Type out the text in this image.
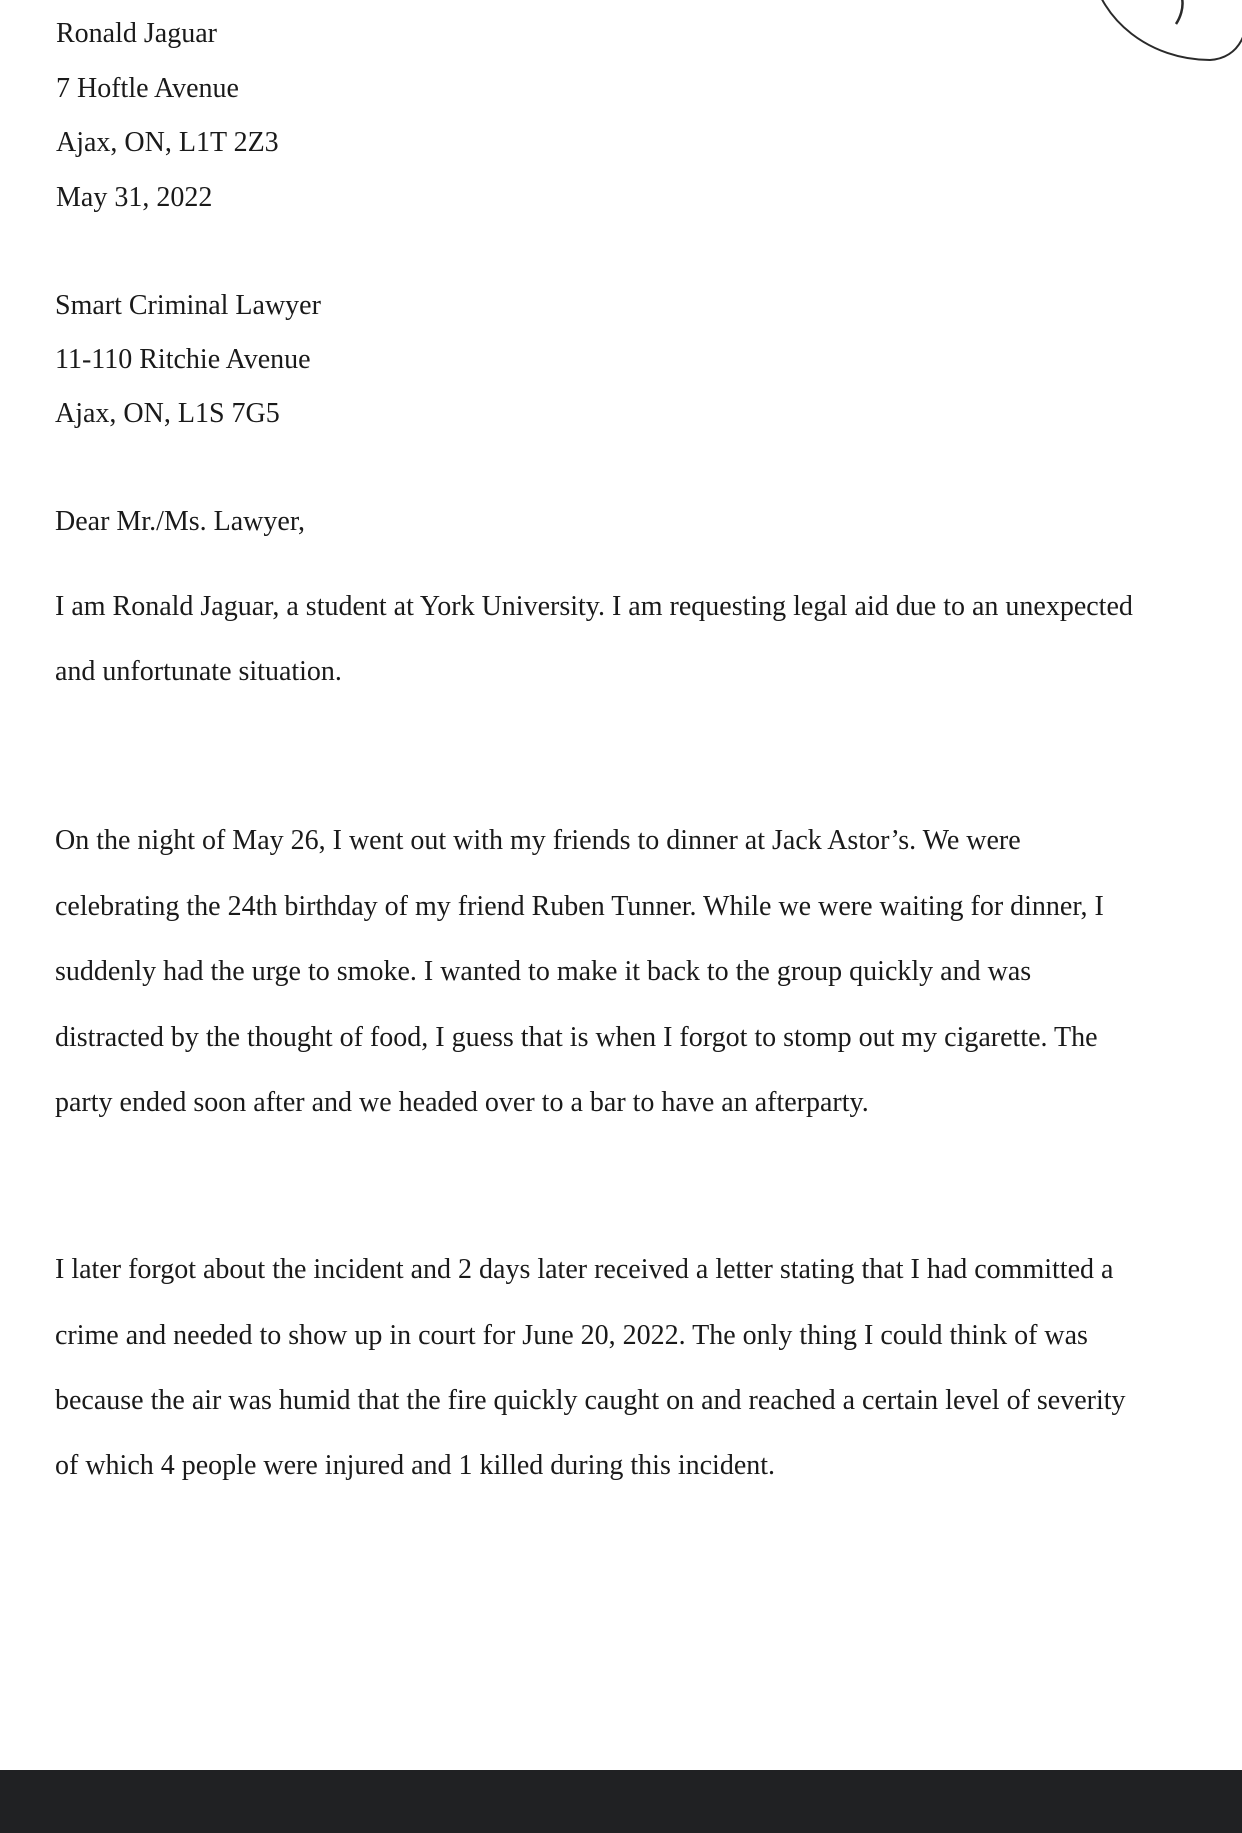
Ronald Jaguar
7 Hoftle Avenue
Ajax, ON, L1T 2Z3
May 31, 2022
Smart Criminal Lawyer
11-110 Ritchie Avenue
Ajax, ON, L1S 7G5
Dear Mr./Ms. Lawyer,
I am Ronald Jaguar, a student at York University. I am requesting legal aid due to an unexpected
and unfortunate situation.
On the night of May 26, I went out with my friends to dinner at Jack Astor’s. We were
celebrating the 24th birthday of my friend Ruben Tunner. While we were waiting for dinner, I
suddenly had the urge to smoke. I wanted to make it back to the group quickly and was
distracted by the thought of food, I guess that is when I forgot to stomp out my cigarette. The
party ended soon after and we headed over to a bar to have an afterparty.
I later forgot about the incident and 2 days later received a letter stating that I had committed a
crime and needed to show up in court for June 20, 2022. The only thing I could think of was
because the air was humid that the fire quickly caught on and reached a certain level of severity
of which 4 people were injured and 1 killed during this incident.
